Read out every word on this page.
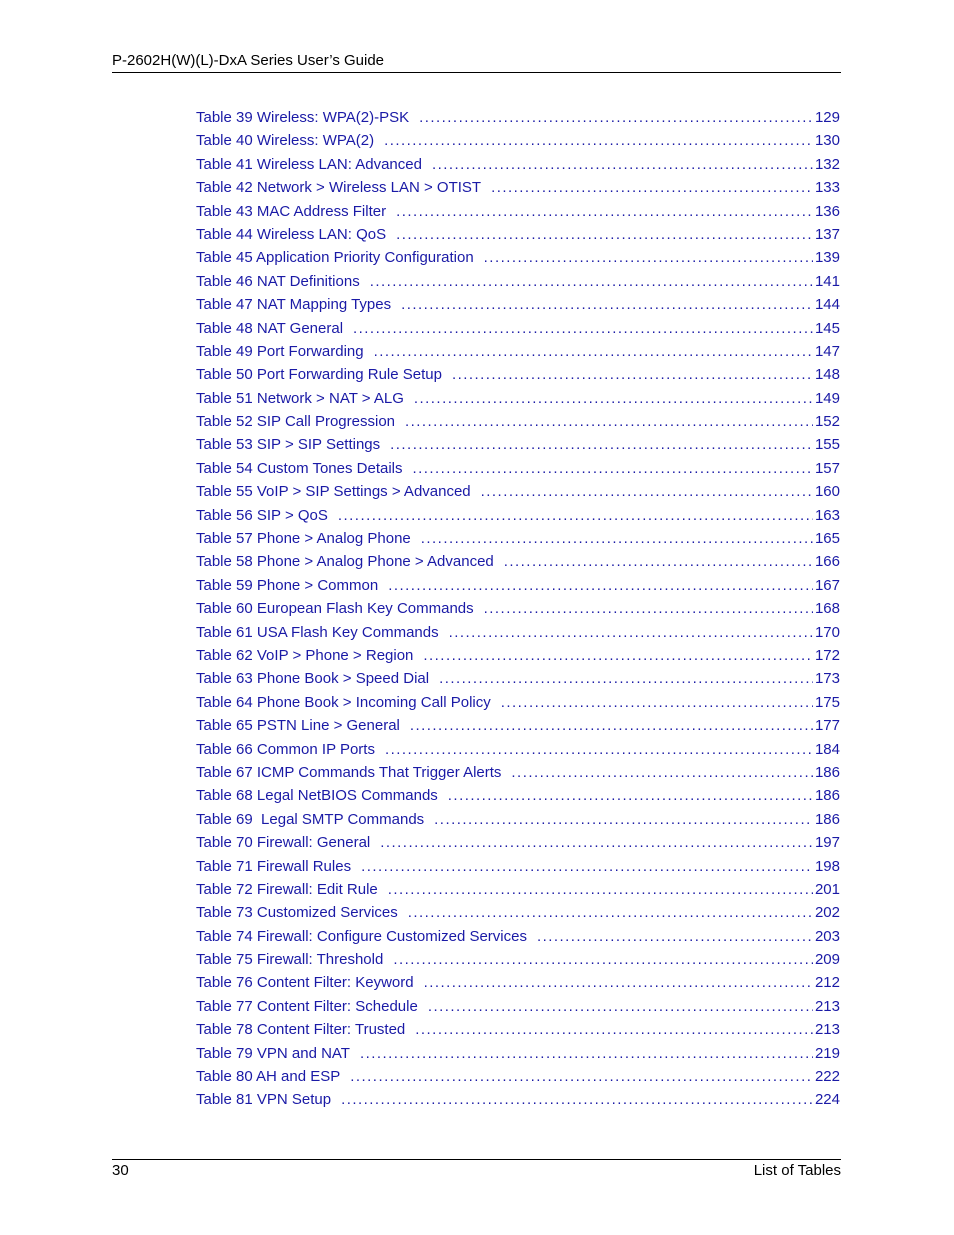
P-2602H(W)(L)-DxA Series User’s Guide
Table 39 Wireless: WPA(2)-PSK . . .	129
Table 40 Wireless: WPA(2) . . .	130
Table 41 Wireless LAN: Advanced . . .	132
Table 42 Network > Wireless LAN > OTIST . . .	133
Table 43 MAC Address Filter . . .	136
Table 44 Wireless LAN: QoS . . .	137
Table 45 Application Priority Configuration . . .	139
Table 46 NAT Definitions . . .	141
Table 47 NAT Mapping Types . . .	144
Table 48 NAT General . . .	145
Table 49 Port Forwarding . . .	147
Table 50 Port Forwarding Rule Setup . . .	148
Table 51 Network > NAT > ALG . . .	149
Table 52 SIP Call Progression . . .	152
Table 53 SIP > SIP Settings . . .	155
Table 54 Custom Tones Details . . .	157
Table 55 VoIP > SIP Settings > Advanced . . .	160
Table 56 SIP > QoS . . .	163
Table 57 Phone > Analog Phone . . .	165
Table 58 Phone > Analog Phone > Advanced . . .	166
Table 59 Phone > Common . . .	167
Table 60 European Flash Key Commands . . .	168
Table 61 USA Flash Key Commands . . .	170
Table 62 VoIP > Phone > Region . . .	172
Table 63 Phone Book > Speed Dial . . .	173
Table 64 Phone Book > Incoming Call Policy . . .	175
Table 65 PSTN Line > General . . .	177
Table 66 Common IP Ports . . .	184
Table 67 ICMP Commands That Trigger Alerts . . .	186
Table 68 Legal NetBIOS Commands . . .	186
Table 69  Legal SMTP Commands . . .	186
Table 70 Firewall: General . . .	197
Table 71 Firewall Rules . . .	198
Table 72 Firewall: Edit Rule . . .	201
Table 73 Customized Services . . .	202
Table 74 Firewall: Configure Customized Services . . .	203
Table 75 Firewall: Threshold . . .	209
Table 76 Content Filter: Keyword . . .	212
Table 77 Content Filter: Schedule . . .	213
Table 78 Content Filter: Trusted . . .	213
Table 79 VPN and NAT . . .	219
Table 80 AH and ESP . . .	222
Table 81 VPN Setup . . .	224
30	List of Tables
